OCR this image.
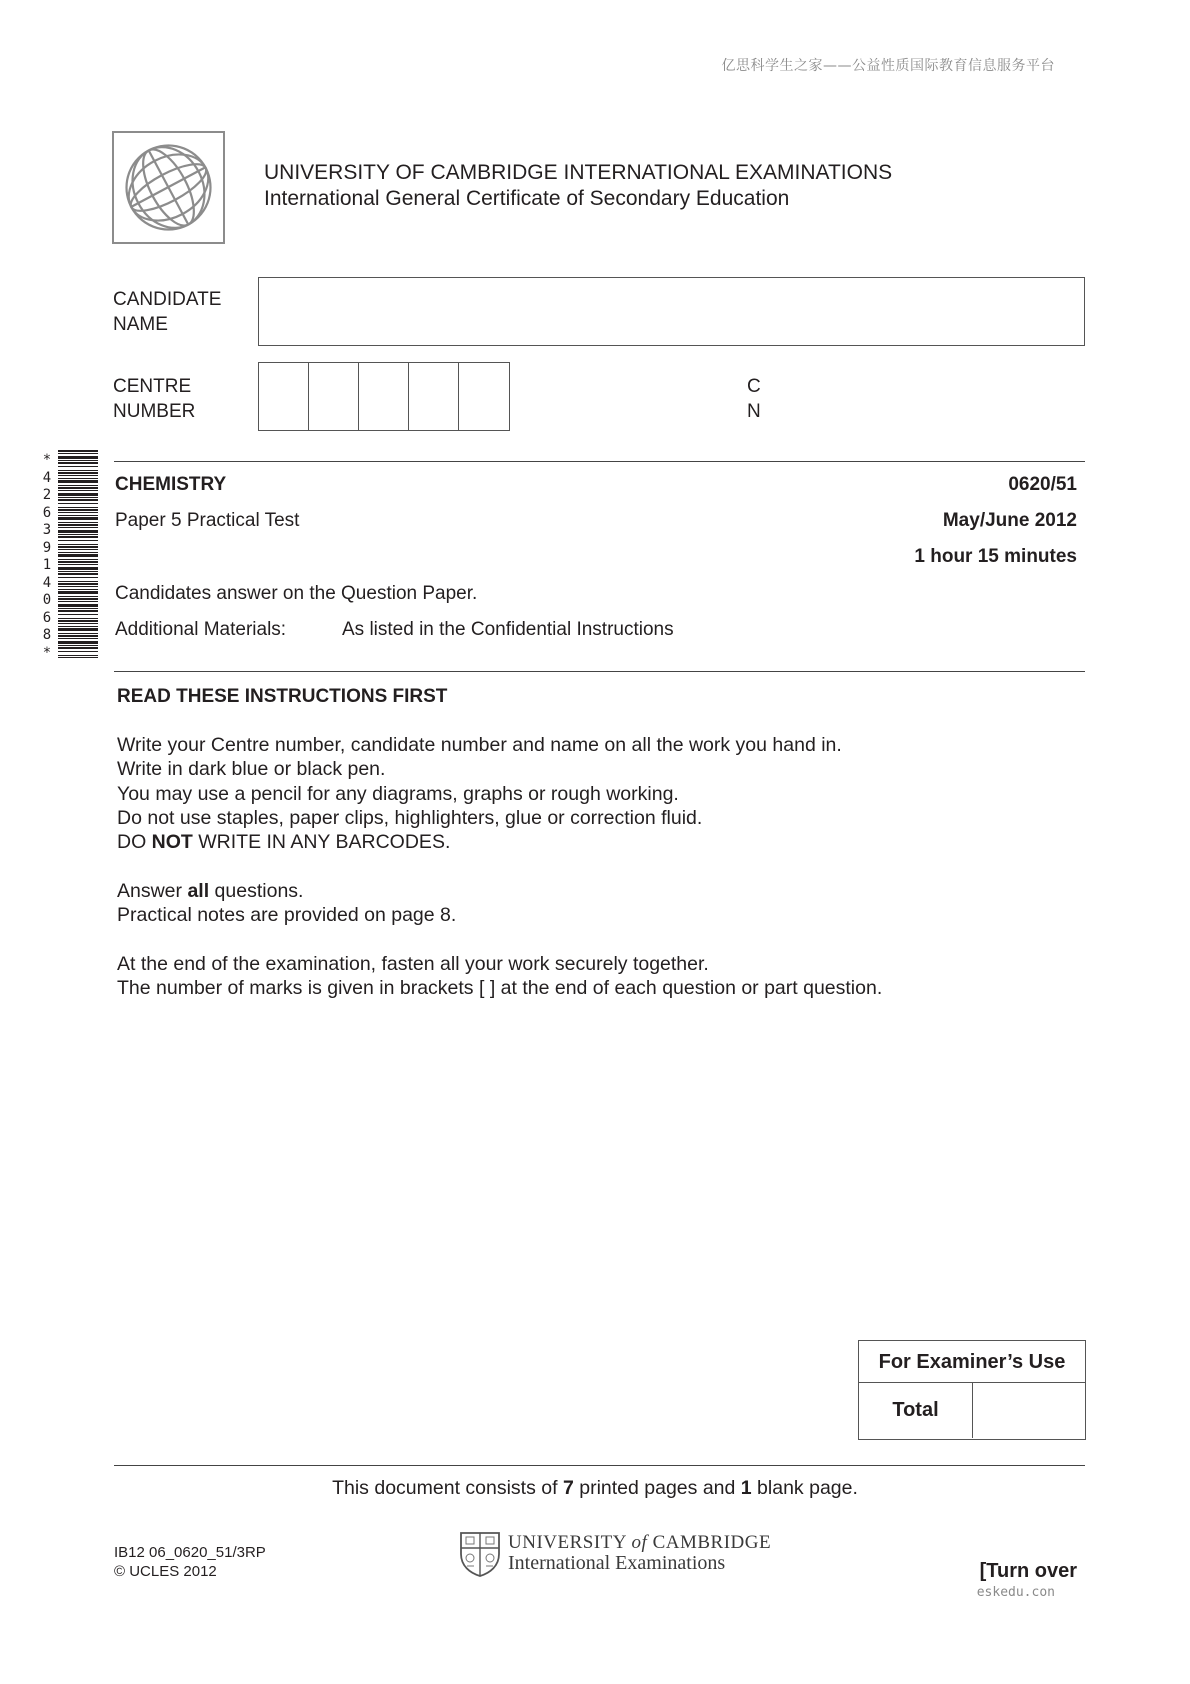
亿思科学生之家——公益性质国际教育信息服务平台
UNIVERSITY OF CAMBRIDGE INTERNATIONAL EXAMINATIONS
International General Certificate of Secondary Education
CANDIDATE
NAME
CENTRE
NUMBER
C
N
*
4
2
6
3
9
1
4
0
6
8
*
CHEMISTRY	0620/51
Paper 5 Practical Test	May/June 2012
1 hour 15 minutes
Candidates answer on the Question Paper.
Additional Materials:	As listed in the Confidential Instructions
READ THESE INSTRUCTIONS FIRST

Write your Centre number, candidate number and name on all the work you hand in.
Write in dark blue or black pen.
You may use a pencil for any diagrams, graphs or rough working.
Do not use staples, paper clips, highlighters, glue or correction fluid.
DO NOT WRITE IN ANY BARCODES.

Answer all questions.
Practical notes are provided on page 8.

At the end of the examination, fasten all your work securely together.
The number of marks is given in brackets [ ] at the end of each question or part question.

For Examiner’s Use
Total
This document consists of 7 printed pages and 1 blank page.
IB12 06_0620_51/3RP
© UCLES 2012
UNIVERSITY of CAMBRIDGE
International Examinations	[Turn over
eskedu.con
